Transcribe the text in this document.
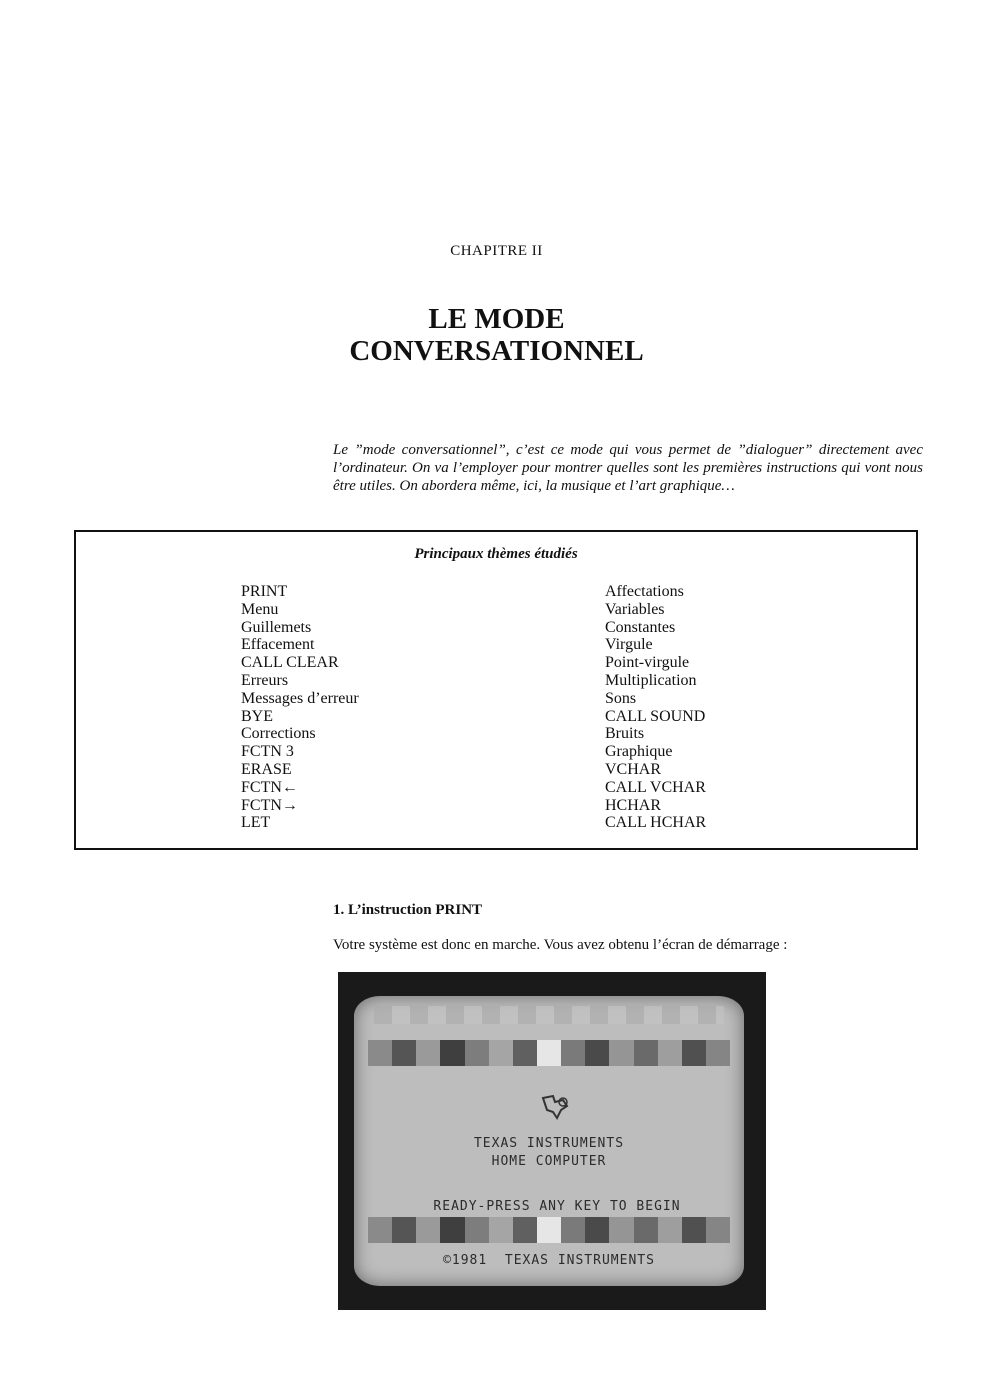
CHAPITRE II
LE MODE
CONVERSATIONNEL

Le ”mode conversationnel”, c’est ce mode qui vous permet de ”dialoguer” directement avec l’ordinateur. On va l’employer pour montrer quelles sont les premières instructions qui vont nous être utiles. On abordera même, ici, la musique et l’art graphique…

Principaux thèmes étudiés
PRINT
Menu
Guillemets
Effacement
CALL CLEAR
Erreurs
Messages d’erreur
BYE
Corrections
FCTN 3
ERASE
FCTN←
FCTN→
LET
Affectations
Variables
Constantes
Virgule
Point-virgule
Multiplication
Sons
CALL SOUND
Bruits
Graphique
VCHAR
CALL VCHAR
HCHAR
CALL HCHAR
1. L’instruction PRINT
Votre système est donc en marche. Vous avez obtenu l’écran de démarrage :
TEXAS INSTRUMENTS
HOME COMPUTER
READY-PRESS ANY KEY TO BEGIN
©1981  TEXAS INSTRUMENTS
